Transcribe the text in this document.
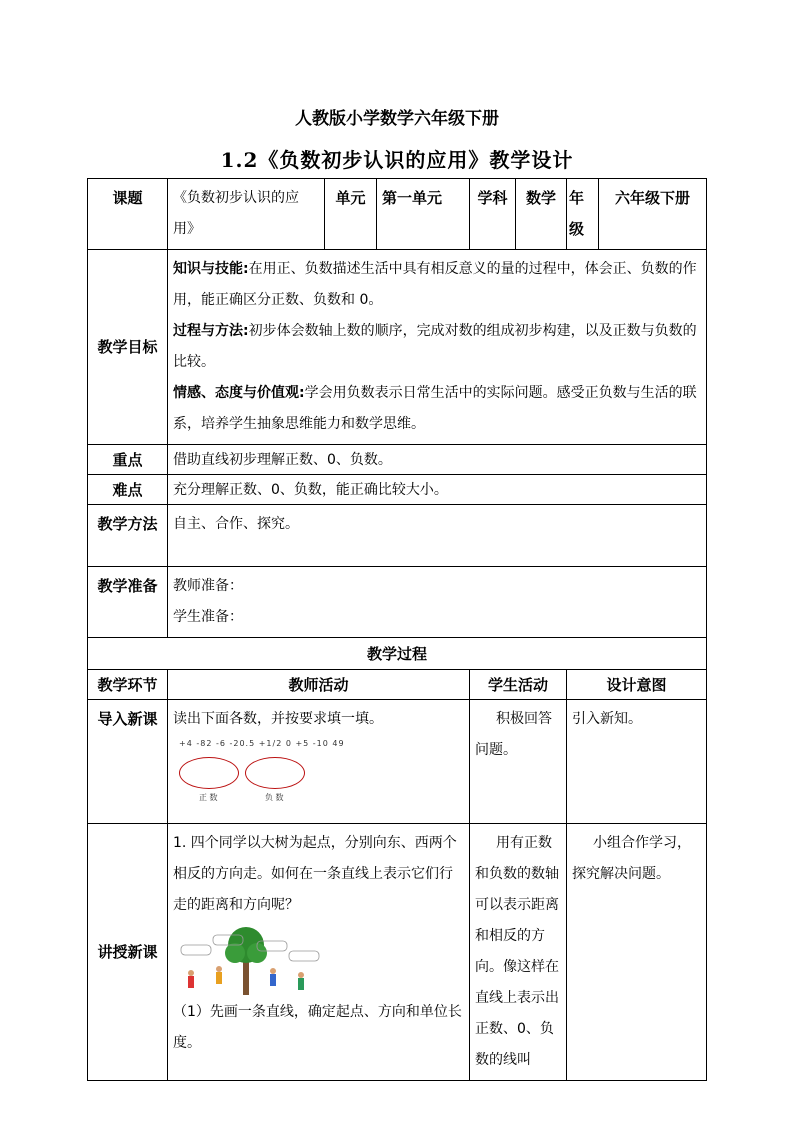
人教版小学数学六年级下册
1.2《负数初步认识的应用》教学设计
课题	《负数初步认识的应用》	单元	第一单元	学科	数学	年级	六年级下册
教学目标	知识与技能:在用正、负数描述生活中具有相反意义的量的过程中，体会正、负数的作用，能正确区分正数、负数和 0。
过程与方法:初步体会数轴上数的顺序，完成对数的组成初步构建，以及正数与负数的比较。
情感、态度与价值观:学会用负数表示日常生活中的实际问题。感受正负数与生活的联系，培养学生抽象思维能力和数学思维。						

重点	借助直线初步理解正数、0、负数。						
难点	充分理解正数、0、负数，能正确比较大小。						
教学方法	自主、合作、探究。						
教学准备	教师准备：
学生准备：						

教学过程							
教学环节	教师活动			学生活动		设计意图	
导入新课	读出下面各数，并按要求填一填。
+4 -82 -6 -20.5 +1/2 0 +5 -10 49
正 数 负 数			积极回答问题。		引入新知。	
讲授新课	1. 四个同学以大树为起点，分别向东、西两个相反的方向走。如何在一条直线上表示它们行走的距离和方向呢？
（1）先画一条直线，确定起点、方向和单位长度。			用有正数和负数的数轴可以表示距离和相反的方向。像这样在直线上表示出正数、0、负数的线叫		小组合作学习，探究解决问题。	
